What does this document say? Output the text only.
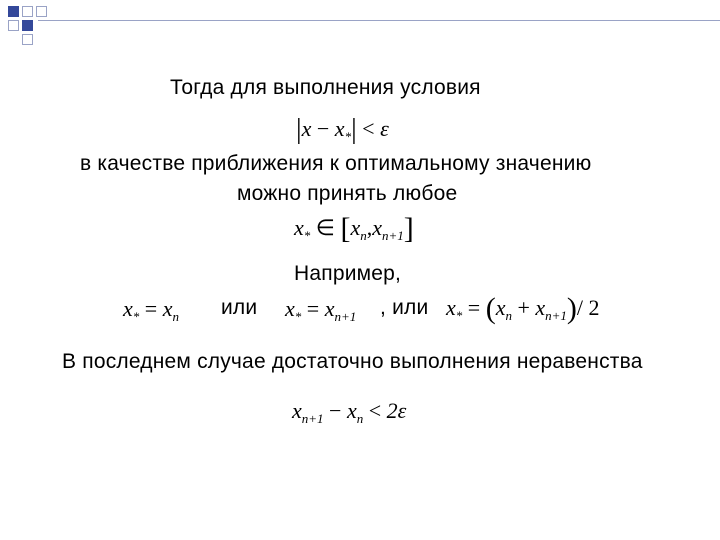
Тогда для выполнения условия
$|x - x_*| < \varepsilon$
в качестве приближения к оптимальному значению
можно принять любое
$x_*$ ∈ $[x_n,x_{n+1}]$
Например,
$x_* = x_n$ или $x_* = x_{n+1}$ , или $x_* = (x_n + x_{n+1})/$ 2
В последнем случае достаточно выполнения неравенства
$x_{n+1} - x_n < 2\varepsilon$
